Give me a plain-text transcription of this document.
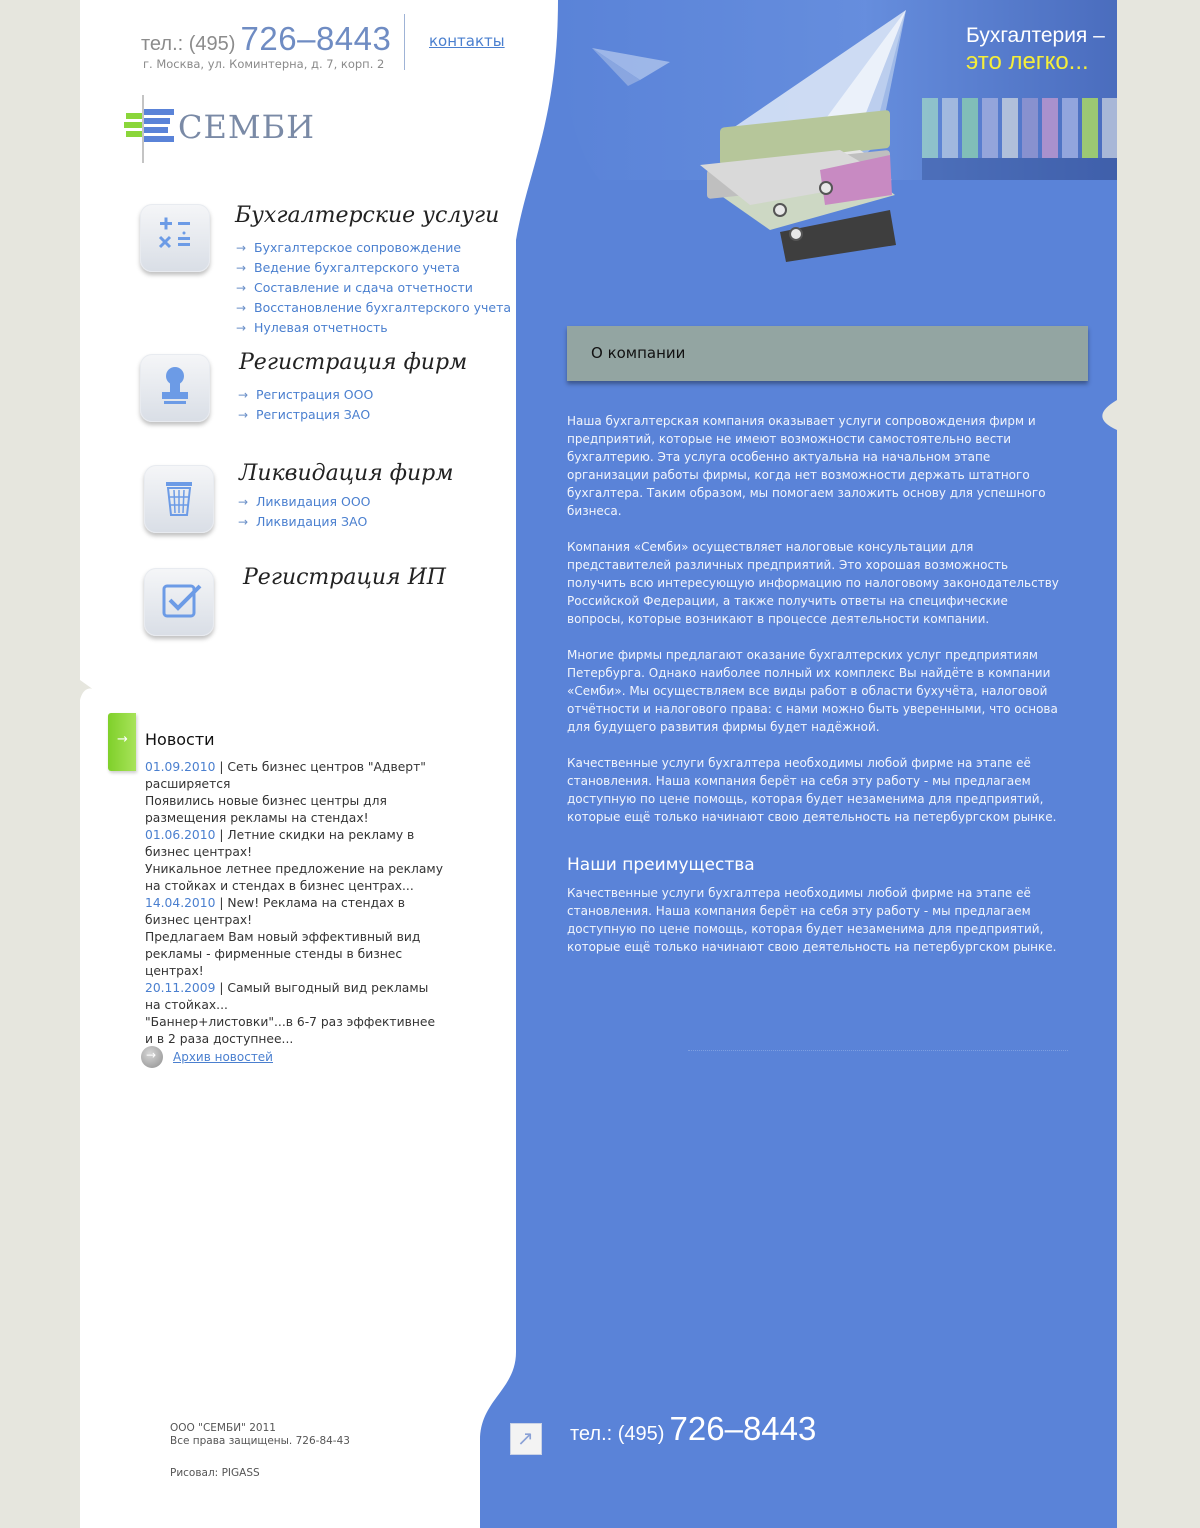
тел.: (495) 726–8443
г. Москва, ул. Коминтерна, д. 7, корп. 2
контакты
СЕМБИ
Бухгалтерия –
это легко...
Бухгалтерские услуги
→ Бухгалтерское сопровождение
→ Ведение бухгалтерского учета
→ Составление и сдача отчетности
→ Восстановление бухгалтерского учета
→ Нулевая отчетность
Регистрация фирм
→ Регистрация ООО
→ Регистрация ЗАО
Ликвидация фирм
→ Ликвидация ООО
→ Ликвидация ЗАО
Регистрация ИП
→ Новости
01.09.2010 | Сеть бизнес центров "Адверт" расширяется
Появились новые бизнес центры для размещения рекламы на стендах!
01.06.2010 | Летние скидки на рекламу в бизнес центрах!
Уникальное летнее предложение на рекламу на стойках и стендах в бизнес центрах...
14.04.2010 | New! Реклама на стендах в бизнес центрах!
Предлагаем Вам новый эффективный вид рекламы - фирменные стенды в бизнес центрах!
20.11.2009 | Самый выгодный вид рекламы на стойках...
"Баннер+листовки"...в 6-7 раз эффективнее и в 2 раза доступнее...
→ Архив новостей
О компании

Наша бухгалтерская компания оказывает услуги сопровождения фирм и предприятий, которые не имеют возможности самостоятельно вести бухгалтерию. Эта услуга особенно актуальна на начальном этапе организации работы фирмы, когда нет возможности держать штатного бухгалтера. Таким образом, мы помогаем заложить основу для успешного бизнеса.

Компания «Семби» осуществляет налоговые консультации для представителей различных предприятий. Это хорошая возможность получить всю интересующую информацию по налоговому законодательству Российской Федерации, а также получить ответы на специфические вопросы, которые возникают в процессе деятельности компании.

Многие фирмы предлагают оказание бухгалтерских услуг предприятиям Петербурга. Однако наиболее полный их комплекс Вы найдёте в компании «Семби». Мы осуществляем все виды работ в области бухучёта, налоговой отчётности и налогового права: с нами можно быть уверенными, что основа для будущего развития фирмы будет надёжной.

Качественные услуги бухгалтера необходимы любой фирме на этапе её становления. Наша компания берёт на себя эту работу - мы предлагаем доступную по цене помощь, которая будет незаменима для предприятий, которые ещё только начинают свою деятельность на петербургском рынке.

Наши преимущества
Качественные услуги бухгалтера необходимы любой фирме на этапе её становления. Наша компания берёт на себя эту работу - мы предлагаем доступную по цене помощь, которая будет незаменима для предприятий, которые ещё только начинают свою деятельность на петербургском рынке.
ООО "СЕМБИ" 2011
Все права защищены. 726-84-43
Рисовал: PIGASS
↗ тел.: (495) 726–8443
